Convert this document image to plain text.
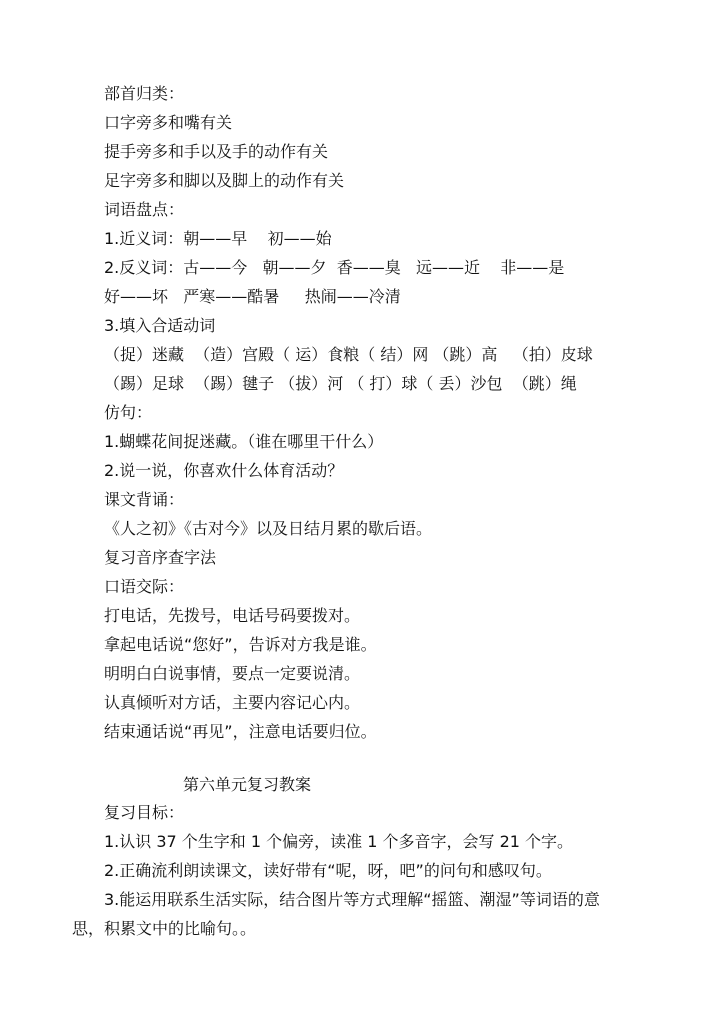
部首归类：
口字旁多和嘴有关
提手旁多和手以及手的动作有关
足字旁多和脚以及脚上的动作有关
词语盘点：
1.近义词：朝——早    初——始
2.反义词：古——今   朝——夕  香——臭   远——近    非——是
好——坏   严寒——酷暑     热闹——冷清
3.填入合适动词
（捉）迷藏  （造）宫殿（ 运）食粮（ 结）网 （跳）高   （拍）皮球
（踢）足球  （踢）毽子 （拔）河 （ 打）球（ 丢）沙包  （跳）绳
仿句：
1.蝴蝶花间捉迷藏。（谁在哪里干什么）
2.说一说，你喜欢什么体育活动？
课文背诵：
《人之初》《古对今》以及日结月累的歇后语。
复习音序查字法
口语交际：
打电话，先拨号，电话号码要拨对。
拿起电话说“您好”，告诉对方我是谁。
明明白白说事情，要点一定要说清。
认真倾听对方话，主要内容记心内。
结束通话说“再见”，注意电话要归位。
第六单元复习教案
复习目标：
1.认识 37 个生字和 1 个偏旁，读准 1 个多音字，会写 21 个字。
2.正确流利朗读课文，读好带有“呢，呀，吧”的问句和感叹句。
3.能运用联系生活实际，结合图片等方式理解“摇篮、潮湿”等词语的意
思，积累文中的比喻句。。
